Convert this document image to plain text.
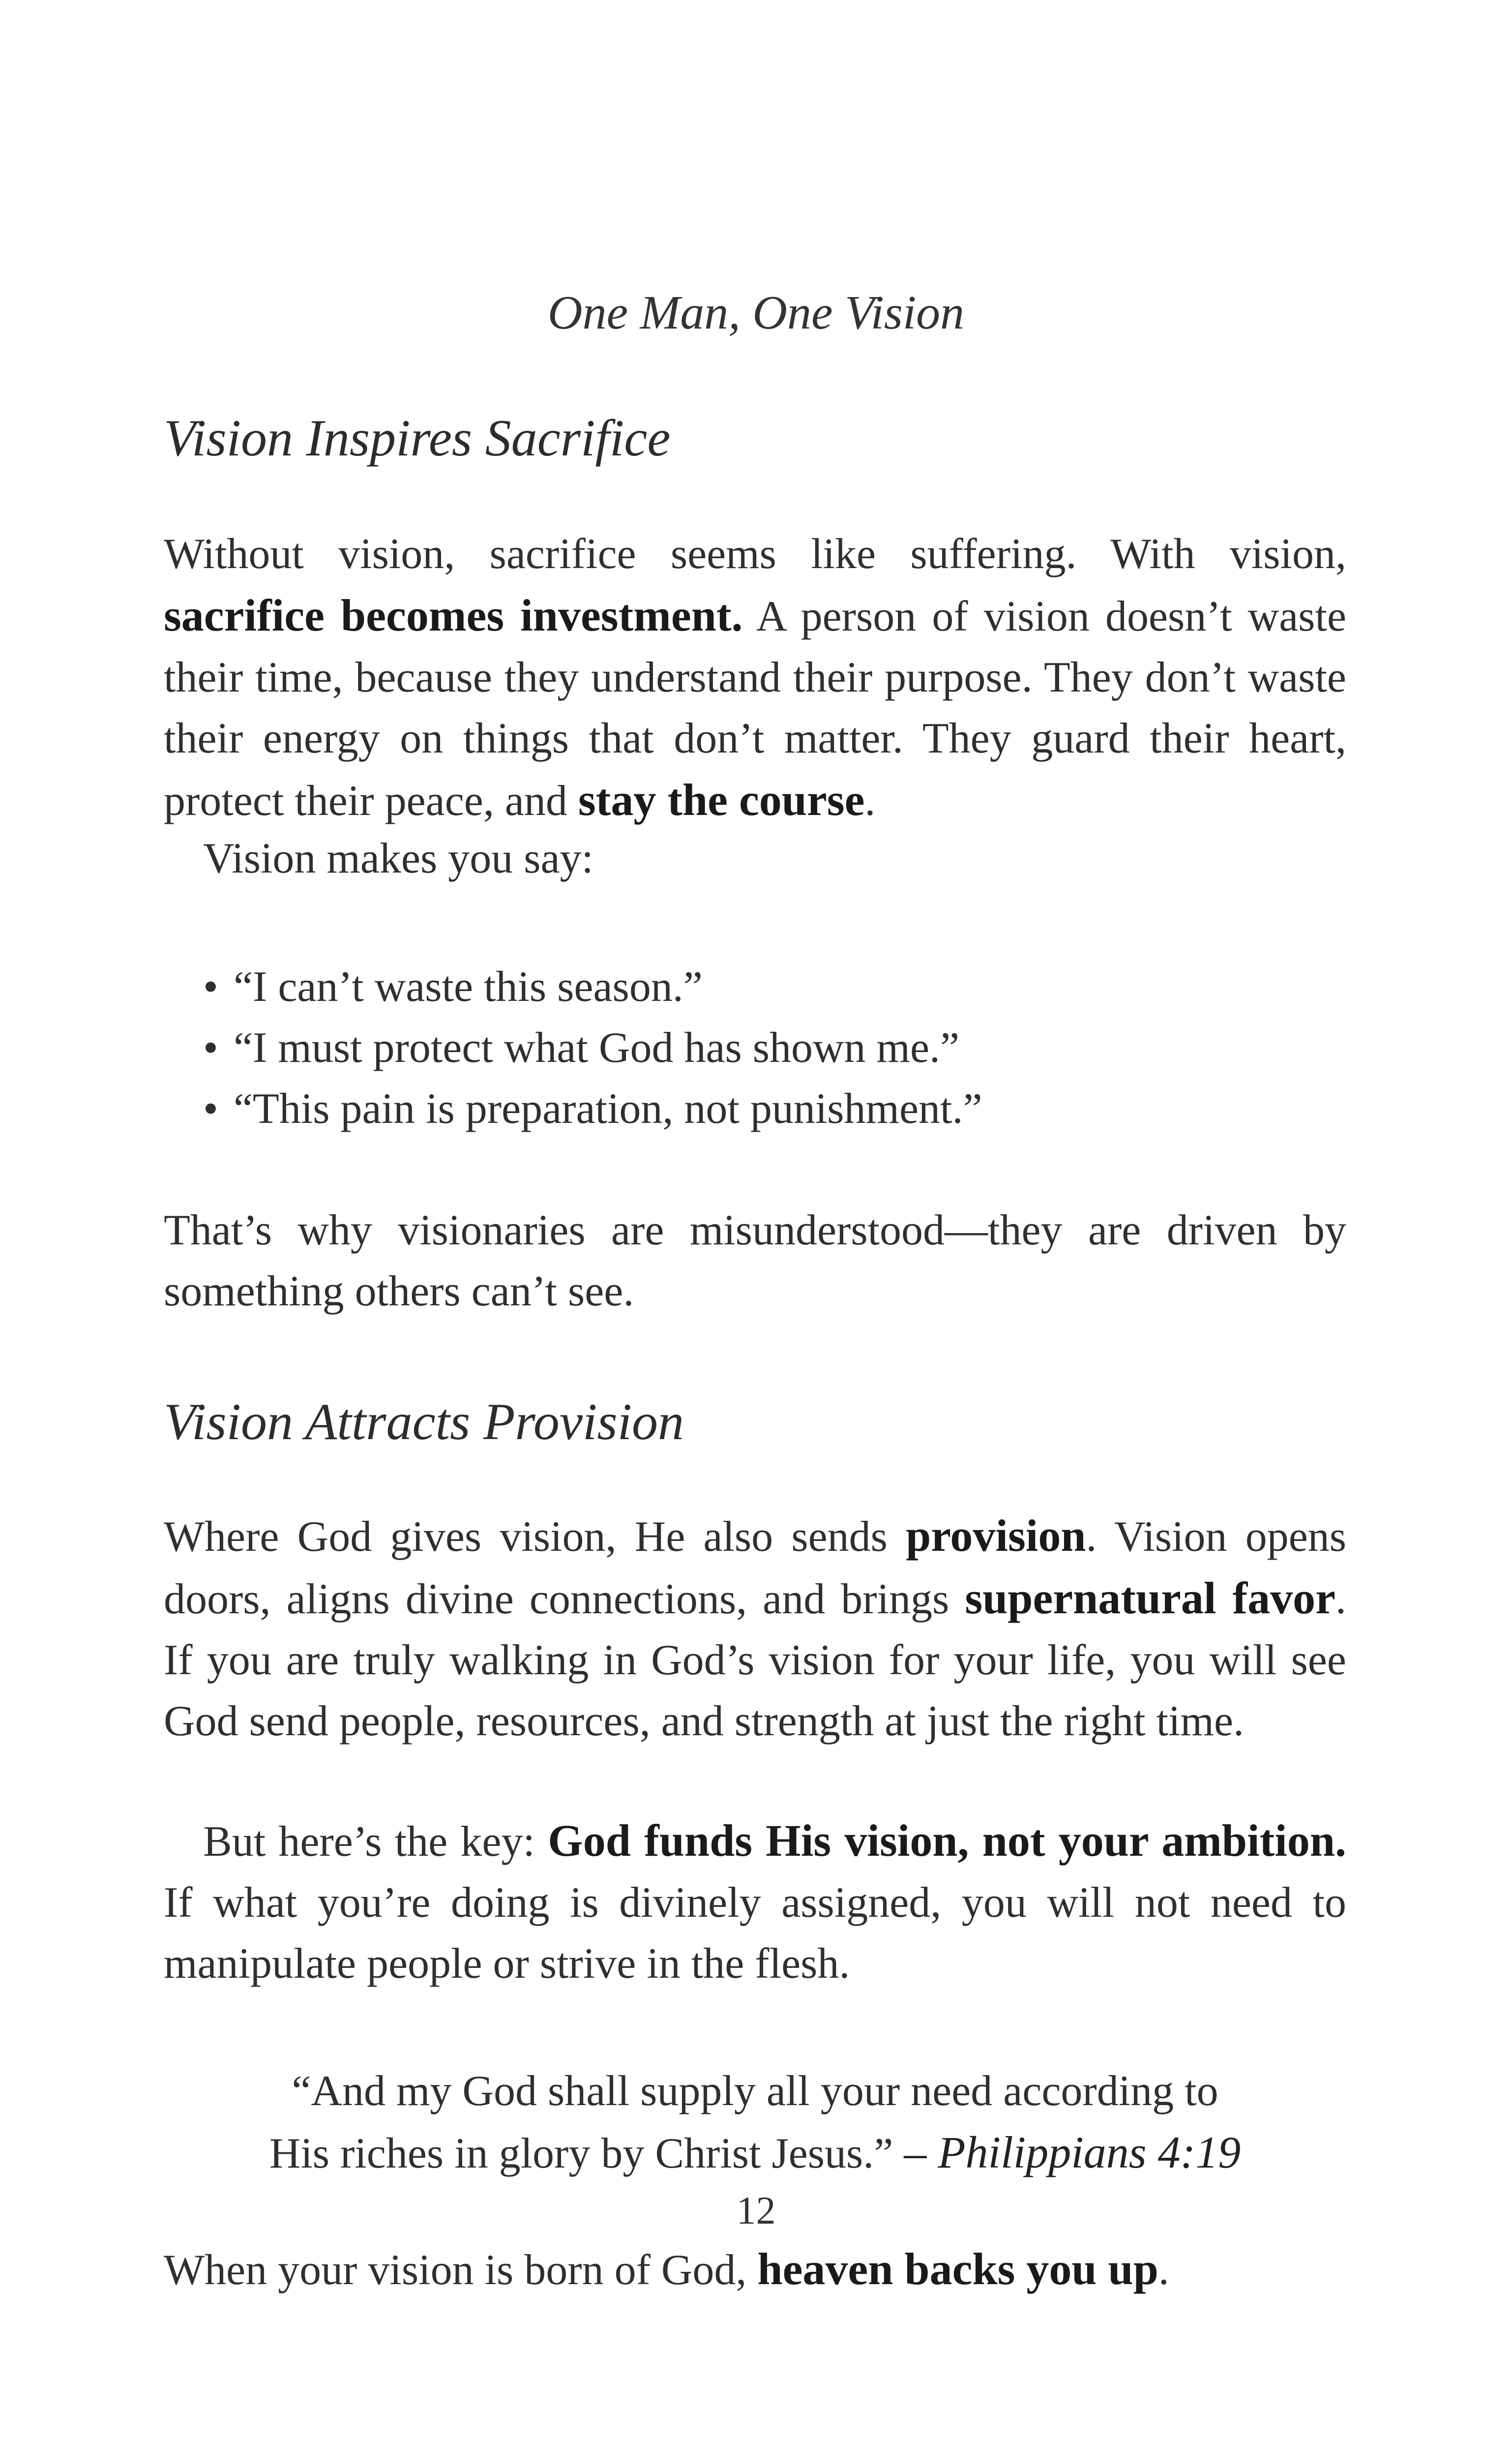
One Man, One Vision
Vision Inspires Sacrifice

Without vision, sacrifice seems like suffering. With vision, sacrifice becomes investment. A person of vision doesn’t waste their time, because they understand their purpose. They don’t waste their energy on things that don’t matter. They guard their heart, protect their peace, and stay the course.

Vision makes you say:
• “I can’t waste this season.”
• “I must protect what God has shown me.”
• “This pain is preparation, not punishment.”

That’s why visionaries are misunderstood—they are driven by something others can’t see.

Vision Attracts Provision

Where God gives vision, He also sends provision. Vision opens doors, aligns divine connections, and brings supernatural favor. If you are truly walking in God’s vision for your life, you will see God send people, resources, and strength at just the right time.

But here’s the key: God funds His vision, not your ambition. If what you’re doing is divinely assigned, you will not need to manipulate people or strive in the flesh.

“And my God shall supply all your need according to
His riches in glory by Christ Jesus.” – Philippians 4:19
12
When your vision is born of God, heaven backs you up.
